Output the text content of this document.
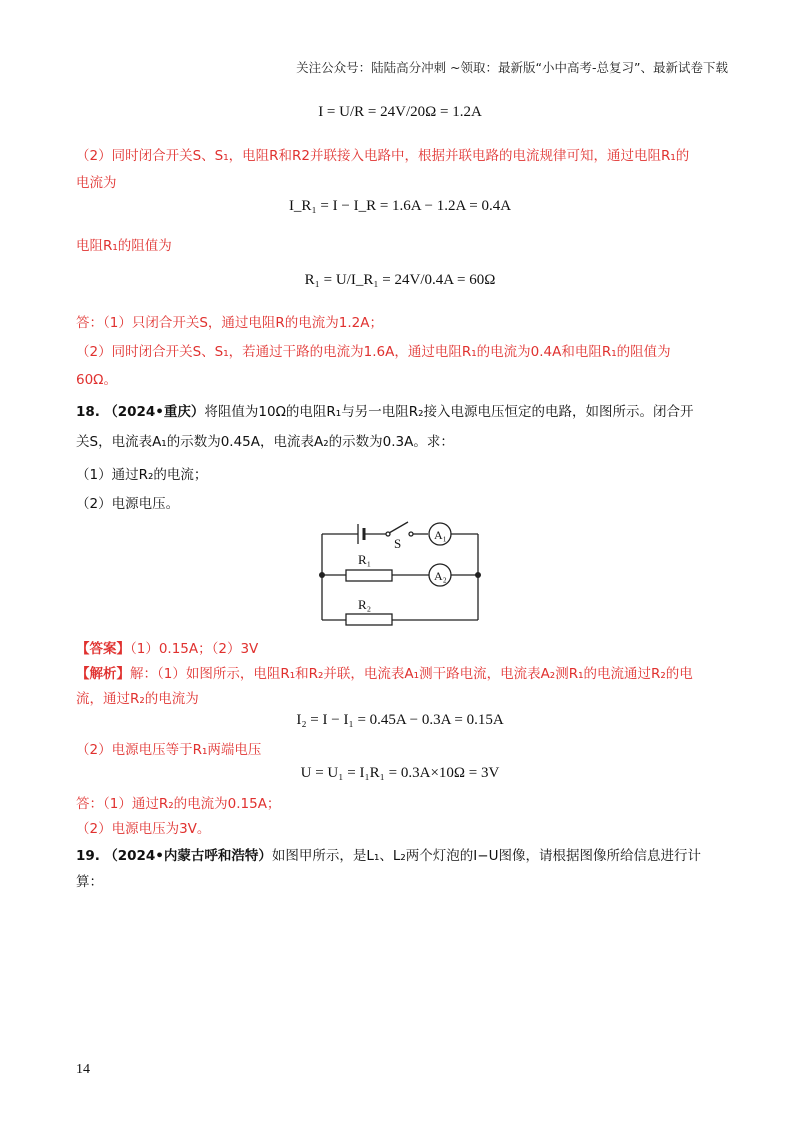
关注公众号：陆陆高分冲刺 ~领取：最新版“小中高考-总复习”、最新试卷下载
I = U/R = 24V/20Ω = 1.2A
（2）同时闭合开关S、S₁，电阻R和R2并联接入电路中，根据并联电路的电流规律可知，通过电阻R₁的
电流为
I_R₁ = I − I_R = 1.6A − 1.2A = 0.4A
电阻R₁的阻值为
R₁ = U/I_R₁ = 24V/0.4A = 60Ω
答：（1）只闭合开关S，通过电阻R的电流为1.2A；
（2）同时闭合开关S、S₁，若通过干路的电流为1.6A，通过电阻R₁的电流为0.4A和电阻R₁的阻值为
60Ω。
18. （2024•重庆）将阻值为10Ω的电阻R₁与另一电阻R₂接入电源电压恒定的电路，如图所示。闭合开
关S，电流表A₁的示数为0.45A，电流表A₂的示数为0.3A。求：
（1）通过R₂的电流；
（2）电源电压。
S
A₁
A₂
R₁
R₂
【答案】（1）0.15A；（2）3V
【解析】解：（1）如图所示，电阻R₁和R₂并联，电流表A₁测干路电流，电流表A₂测R₁的电流通过R₂的电
流，通过R₂的电流为
I₂ = I − I₁ = 0.45A − 0.3A = 0.15A
（2）电源电压等于R₁两端电压
U = U₁ = I₁R₁ = 0.3A×10Ω = 3V
答：（1）通过R₂的电流为0.15A；
（2）电源电压为3V。
19. （2024•内蒙古呼和浩特）如图甲所示，是L₁、L₂两个灯泡的I−U图像，请根据图像所给信息进行计
算：
14
